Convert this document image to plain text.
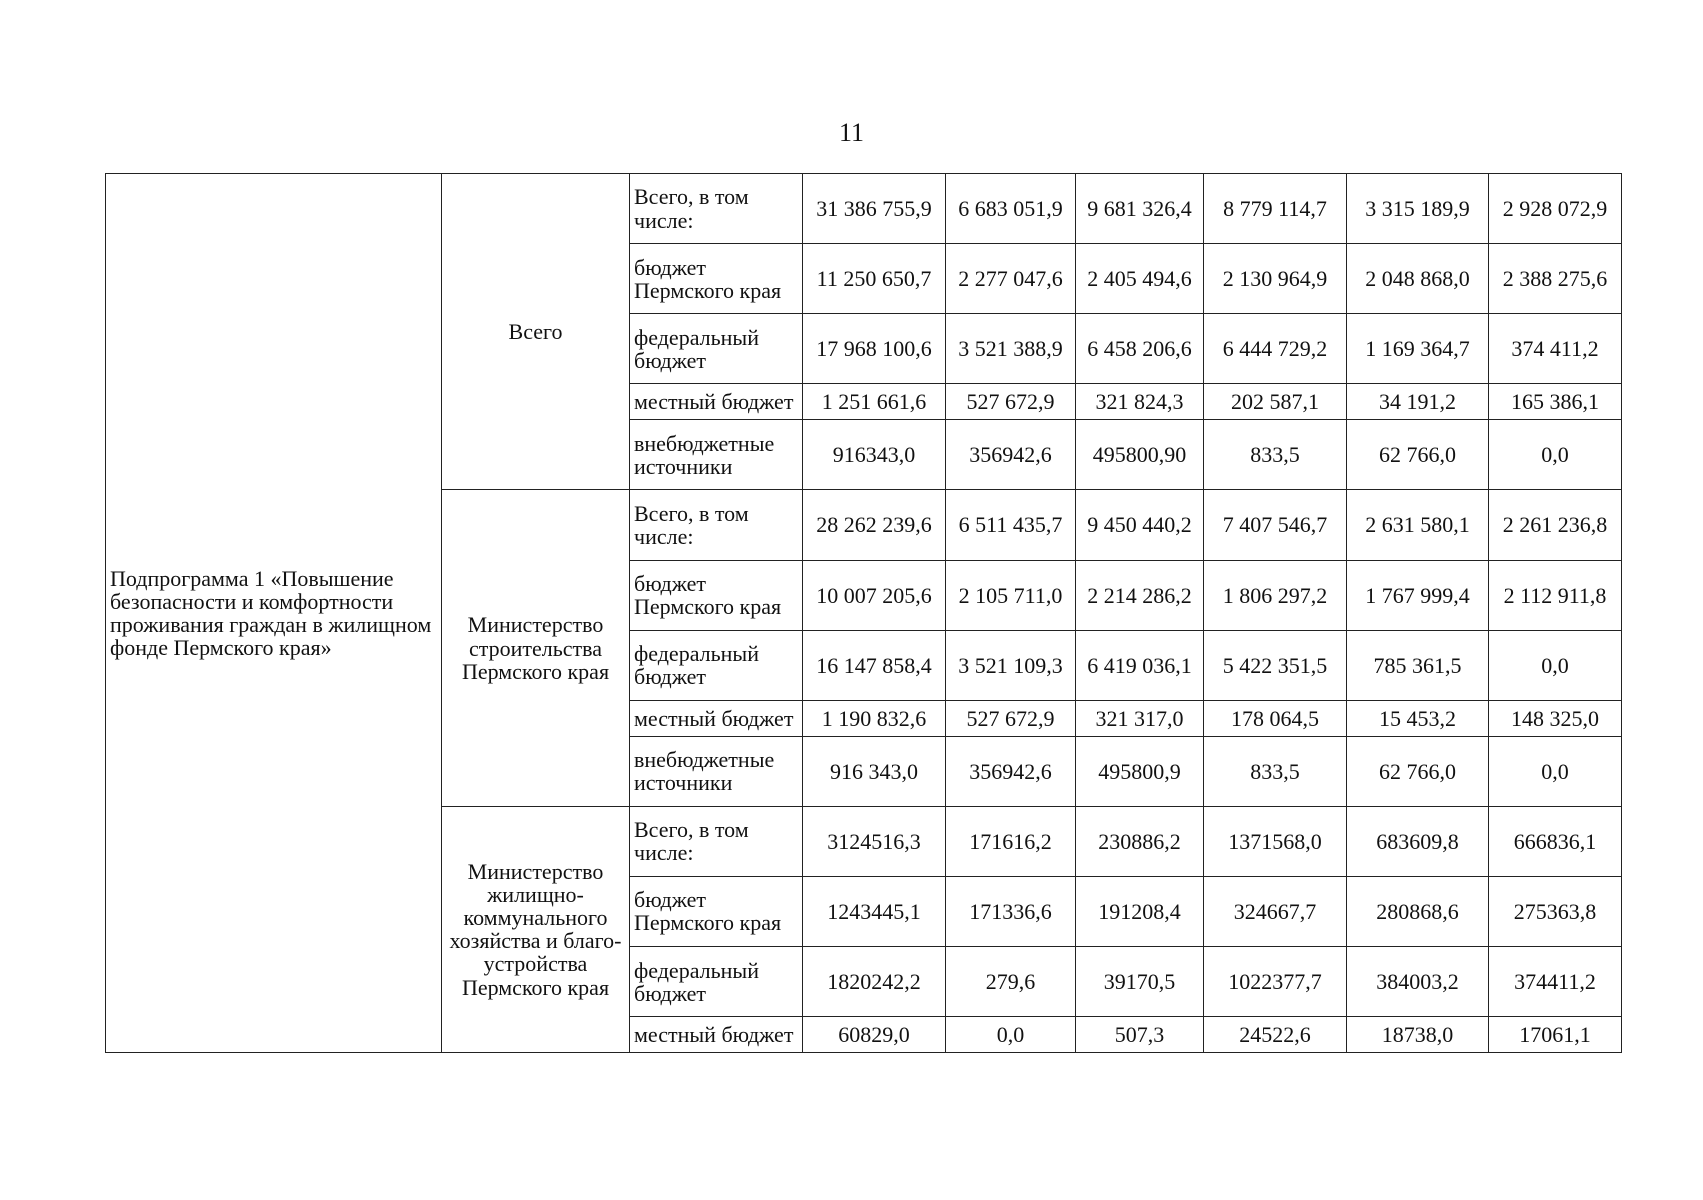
11
Подпрограмма 1 «Повышение безопасности и комфортности проживания граждан в жилищном фонде Пермского края»	Всего	Всего, в том числе:	31 386 755,9	6 683 051,9	9 681 326,4	8 779 114,7	3 315 189,9	2 928 072,9
		бюджет Пермского края	11 250 650,7	2 277 047,6	2 405 494,6	2 130 964,9	2 048 868,0	2 388 275,6
		федеральный бюджет	17 968 100,6	3 521 388,9	6 458 206,6	6 444 729,2	1 169 364,7	374 411,2
		местный бюджет	1 251 661,6	527 672,9	321 824,3	202 587,1	34 191,2	165 386,1
		внебюджетные источники	916343,0	356942,6	495800,90	833,5	62 766,0	0,0
	Министерство строительства Пермского края	Всего, в том числе:	28 262 239,6	6 511 435,7	9 450 440,2	7 407 546,7	2 631 580,1	2 261 236,8
		бюджет Пермского края	10 007 205,6	2 105 711,0	2 214 286,2	1 806 297,2	1 767 999,4	2 112 911,8
		федеральный бюджет	16 147 858,4	3 521 109,3	6 419 036,1	5 422 351,5	785 361,5	0,0
		местный бюджет	1 190 832,6	527 672,9	321 317,0	178 064,5	15 453,2	148 325,0
		внебюджетные источники	916 343,0	356942,6	495800,9	833,5	62 766,0	0,0
	Министерство жилищно-коммунального хозяйства и благо-устройства Пермского края	Всего, в том числе:	3124516,3	171616,2	230886,2	1371568,0	683609,8	666836,1
		бюджет Пермского края	1243445,1	171336,6	191208,4	324667,7	280868,6	275363,8
		федеральный бюджет	1820242,2	279,6	39170,5	1022377,7	384003,2	374411,2
		местный бюджет	60829,0	0,0	507,3	24522,6	18738,0	17061,1
